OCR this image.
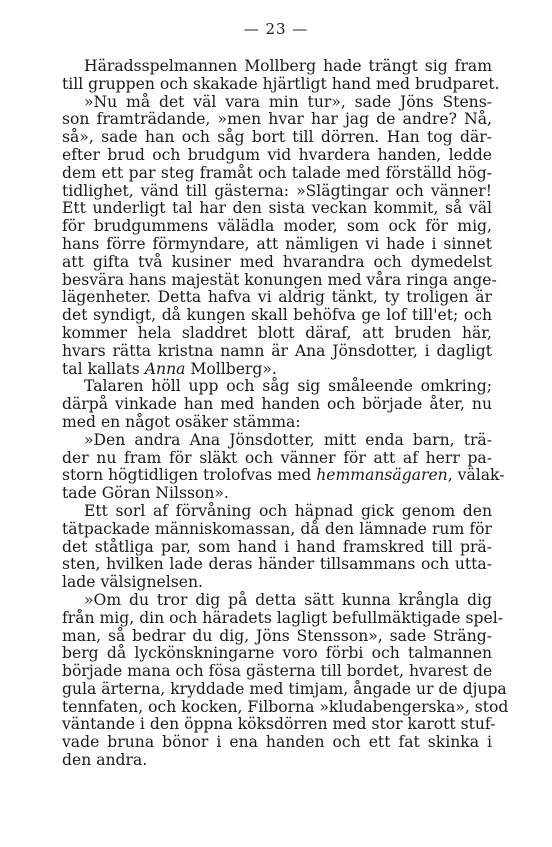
— 23 —
Häradsspelmannen Mollberg hade trängt sig fram
till gruppen och skakade hjärtligt hand med brudparet.
»Nu må det väl vara min tur», sade Jöns Stens-
son framträdande, »men hvar har jag de andre? Nå,
så», sade han och såg bort till dörren. Han tog där-
efter brud och brudgum vid hvardera handen, ledde
dem ett par steg framåt och talade med förställd hög-
tidlighet, vänd till gästerna: »Slägtingar och vänner!
Ett underligt tal har den sista veckan kommit, så väl
för brudgummens välädla moder, som ock för mig,
hans förre förmyndare, att nämligen vi hade i sinnet
att gifta två kusiner med hvarandra och dymedelst
besvära hans majestät konungen med våra ringa ange-
lägenheter. Detta hafva vi aldrig tänkt, ty troligen är
det syndigt, då kungen skall behöfva ge lof till'et; och
kommer hela sladdret blott däraf, att bruden här,
hvars rätta kristna namn är Ana Jönsdotter, i dagligt
tal kallats Anna Mollberg».
Talaren höll upp och såg sig småleende omkring;
därpå vinkade han med handen och började åter, nu
med en något osäker stämma:
»Den andra Ana Jönsdotter, mitt enda barn, trä-
der nu fram för släkt och vänner för att af herr pa-
storn högtidligen trolofvas med hemmansägaren, välak-
tade Göran Nilsson».
Ett sorl af förvåning och häpnad gick genom den
tätpackade människomassan, då den lämnade rum för
det ståtliga par, som hand i hand framskred till prä-
sten, hvilken lade deras händer tillsammans och utta-
lade välsignelsen.
»Om du tror dig på detta sätt kunna krångla dig
från mig, din och häradets lagligt befullmäktigade spel-
man, så bedrar du dig, Jöns Stensson», sade Sträng-
berg då lyckönskningarne voro förbi och talmannen
började mana och fösa gästerna till bordet, hvarest de
gula ärterna, kryddade med timjam, ångade ur de djupa
tennfaten, och kocken, Filborna »kludabengerska», stod
väntande i den öppna köksdörren med stor karott stuf-
vade bruna bönor i ena handen och ett fat skinka i
den andra.
